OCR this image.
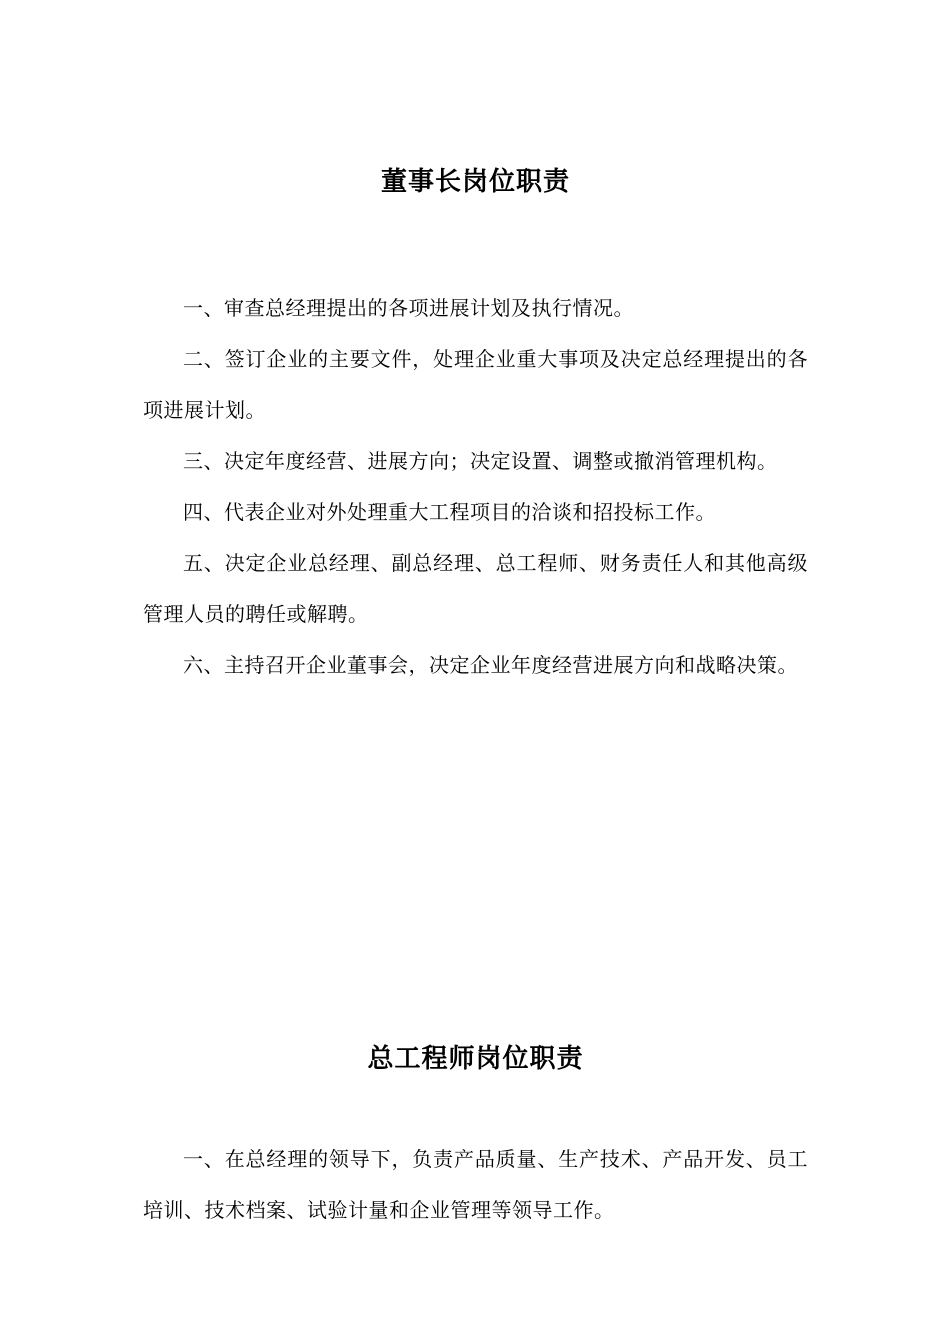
董事长岗位职责

一、审查总经理提出的各项进展计划及执行情况。

二、签订企业的主要文件，处理企业重大事项及决定总经理提出的各项进展计划。

三、决定年度经营、进展方向；决定设置、调整或撤消管理机构。

四、代表企业对外处理重大工程项目的洽谈和招投标工作。

五、决定企业总经理、副总经理、总工程师、财务责任人和其他高级管理人员的聘任或解聘。

六、主持召开企业董事会，决定企业年度经营进展方向和战略决策。

总工程师岗位职责

一、在总经理的领导下，负责产品质量、生产技术、产品开发、员工培训、技术档案、试验计量和企业管理等领导工作。
